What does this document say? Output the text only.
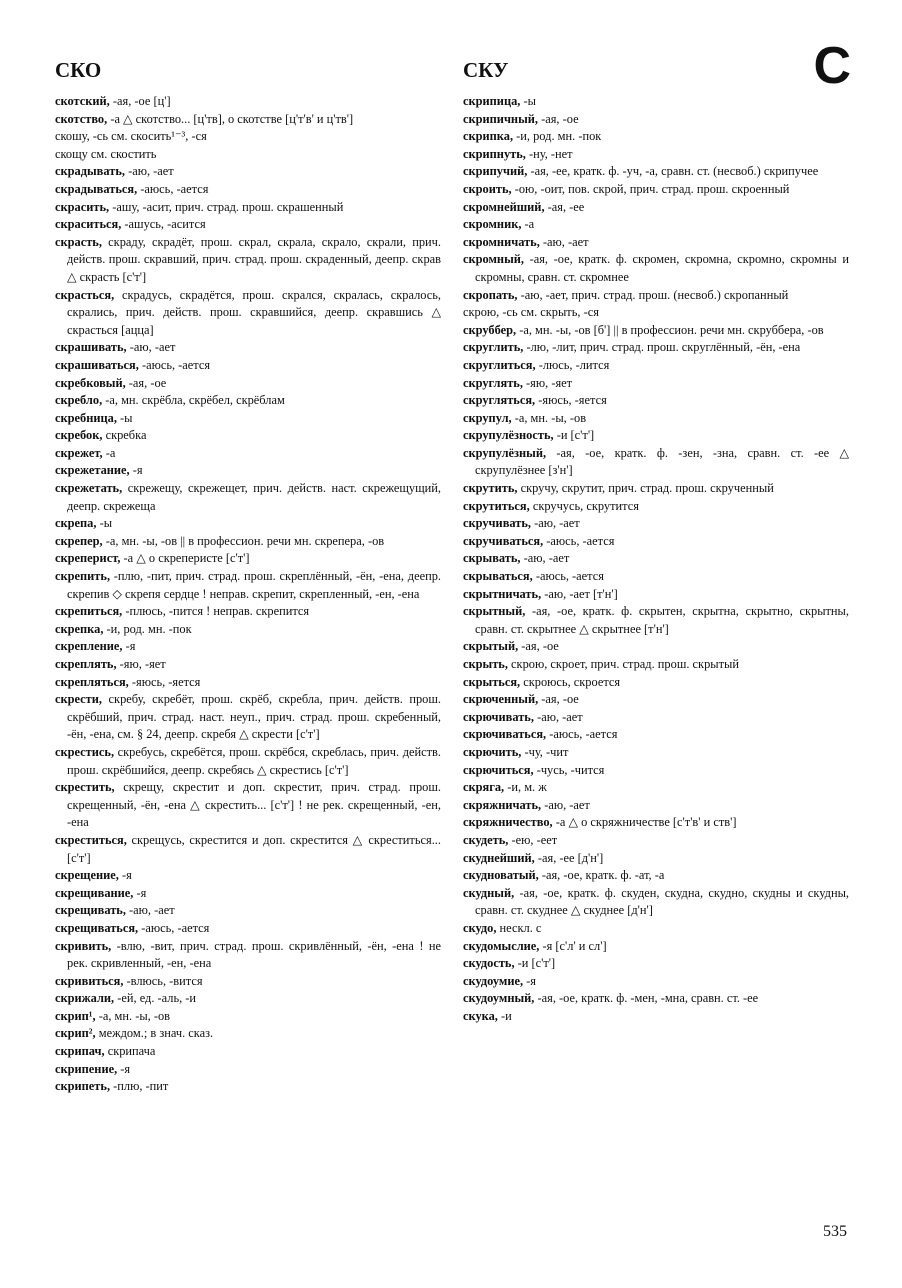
СКО	СКУ	С

скотский, -ая, -ое [ц']

скотство, -а △ скотство... [ц'тв], о скотстве [ц'т'в' и ц'тв']

скошу, -сь см. скосить¹⁻³, -ся

скощу см. скостить

скрадывать, -аю, -ает

скрадываться, -аюсь, -ается

скрасить, -ашу, -асит, прич. страд. прош. скрашенный

скраситься, -ашусь, -асится

скрасть, скраду, скрадёт, прош. скрал, скрала, скрало, скрали, прич. действ. прош. скравший, прич. страд. прош. скраденный, деепр. скрав △ скрасть [с'т']

скрасться, скрадусь, скрадётся, прош. скрался, скралась, скралось, скрались, прич. действ. прош. скравшийся, деепр. скравшись △ скрасться [ацца]

скрашивать, -аю, -ает

скрашиваться, -аюсь, -ается

скребковый, -ая, -ое

скребло, -а, мн. скрёбла, скрёбел, скрёблам

скребница, -ы

скребок, скребка

скрежет, -а

скрежетание, -я

скрежетать, скрежещу, скрежещет, прич. действ. наст. скрежещущий, деепр. скрежеща

скрепа, -ы

скрепер, -а, мн. -ы, -ов || в профессион. речи мн. скрепера, -ов

скреперист, -а △ о скреперисте [с'т']

скрепить, -плю, -пит, прич. страд. прош. скреплённый, -ён, -ена, деепр. скрепив ◇ скрепя сердце ! неправ. скрепит, скрепленный, -ен, -ена

скрепиться, -плюсь, -пится ! неправ. скрепится

скрепка, -и, род. мн. -пок

скрепление, -я

скреплять, -яю, -яет

скрепляться, -яюсь, -яется

скрести, скребу, скребёт, прош. скрёб, скребла, прич. действ. прош. скрёбший, прич. страд. наст. неуп., прич. страд. прош. скребенный, -ён, -ена, см. § 24, деепр. скребя △ скрести [с'т']

скрестись, скребусь, скребётся, прош. скрёбся, скреблась, прич. действ. прош. скрёбшийся, деепр. скребясь △ скрестись [с'т']

скрестить, скрещу, скрестит и доп. скрестит, прич. страд. прош. скрещенный, -ён, -ена △ скрестить... [с'т'] ! не рек. скрещенный, -ен, -ена

скреститься, скрещусь, скрестится и доп. скрестится △ скреститься... [с'т']

скрещение, -я

скрещивание, -я

скрещивать, -аю, -ает

скрещиваться, -аюсь, -ается

скривить, -влю, -вит, прич. страд. прош. скривлённый, -ён, -ена ! не рек. скривленный, -ен, -ена

скривиться, -влюсь, -вится

скрижали, -ей, ед. -аль, -и

скрип¹, -а, мн. -ы, -ов

скрип², междом.; в знач. сказ.

скрипач, скрипача

скрипение, -я

скрипеть, -плю, -пит

скрипица, -ы

скрипичный, -ая, -ое

скрипка, -и, род. мн. -пок

скрипнуть, -ну, -нет

скрипучий, -ая, -ее, кратк. ф. -уч, -а, сравн. ст. (несвоб.) скрипучее

скроить, -ою, -оит, пов. скрой, прич. страд. прош. скроенный

скромнейший, -ая, -ее

скромник, -а

скромничать, -аю, -ает

скромный, -ая, -ое, кратк. ф. скромен, скромна, скромно, скромны и скромны, сравн. ст. скромнее

скропать, -аю, -ает, прич. страд. прош. (несвоб.) скропанный

скрою, -сь см. скрыть, -ся

скруббер, -а, мн. -ы, -ов [б'] || в профессион. речи мн. скруббера, -ов

скруглить, -лю, -лит, прич. страд. прош. скруглённый, -ён, -ена

скруглиться, -люсь, -лится

скруглять, -яю, -яет

скругляться, -яюсь, -яется

скрупул, -а, мн. -ы, -ов

скрупулёзность, -и [с'т']

скрупулёзный, -ая, -ое, кратк. ф. -зен, -зна, сравн. ст. -ее △ скрупулёзнее [з'н']

скрутить, скручу, скрутит, прич. страд. прош. скрученный

скрутиться, скручусь, скрутится

скручивать, -аю, -ает

скручиваться, -аюсь, -ается

скрывать, -аю, -ает

скрываться, -аюсь, -ается

скрытничать, -аю, -ает [т'н']

скрытный, -ая, -ое, кратк. ф. скрытен, скрытна, скрытно, скрытны, сравн. ст. скрытнее △ скрытнее [т'н']

скрытый, -ая, -ое

скрыть, скрою, скроет, прич. страд. прош. скрытый

скрыться, скроюсь, скроется

скрюченный, -ая, -ое

скрючивать, -аю, -ает

скрючиваться, -аюсь, -ается

скрючить, -чу, -чит

скрючиться, -чусь, -чится

скряга, -и, м. ж

скряжничать, -аю, -ает

скряжничество, -а △ о скряжничестве [с'т'в' и ств']

скудеть, -ею, -еет

скуднейший, -ая, -ее [д'н']

скудноватый, -ая, -ое, кратк. ф. -ат, -а

скудный, -ая, -ое, кратк. ф. скуден, скудна, скудно, скудны и скудны, сравн. ст. скуднее △ скуднее [д'н']

скудо, нескл. с

скудомыслие, -я [с'л' и сл']

скудость, -и [с'т']

скудоумие, -я

скудоумный, -ая, -ое, кратк. ф. -мен, -мна, сравн. ст. -ее

скука, -и

535
